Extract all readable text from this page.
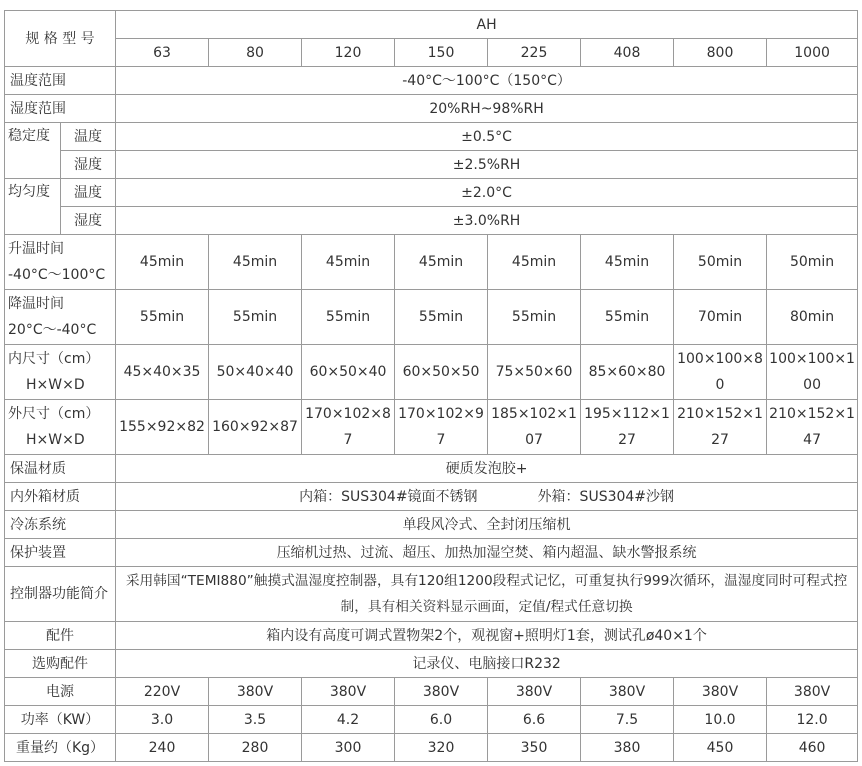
规 格 型 号		AH							
		63	80	120	150	225	408	800	1000
温度范围		-40°C～100°C（150°C）							
湿度范围		20%RH~98%RH							
稳定度	温度	±0.5°C							
	湿度	±2.5%RH							
均匀度	温度	±2.0°C							
	湿度	±3.0%RH							
升温时间
-40°C～100°C		45min	45min	45min	45min	45min	45min	50min	50min
降温时间
20°C～-40°C		55min	55min	55min	55min	55min	55min	70min	80min
内尺寸（cm）
H×W×D		45×40×35	50×40×40	60×50×40	60×50×50	75×50×60	85×60×80	100×100×80	100×100×100
外尺寸（cm）
H×W×D		155×92×82	160×92×87	170×102×87	170×102×97	185×102×107	195×112×127	210×152×127	210×152×147
保温材质		硬质发泡胶+							
内外箱材质		内箱：SUS304#镜面不锈钢 外箱：SUS304#沙钢							
冷冻系统		单段风冷式、全封闭压缩机							
保护装置		压缩机过热、过流、超压、加热加湿空焚、箱内超温、缺水警报系统							
控制器功能简介		采用韩国“TEMI880”触摸式温湿度控制器，具有120组1200段程式记忆，可重复执行999次循环，温湿度同时可程式控制，具有相关资料显示画面，定值/程式任意切换							
配件		箱内设有高度可调式置物架2个，观视窗+照明灯1套，测试孔ø40×1个							
选购配件		记录仪、电脑接口R232							
电源		220V	380V	380V	380V	380V	380V	380V	380V
功率（KW）		3.0	3.5	4.2	6.0	6.6	7.5	10.0	12.0
重量约（Kg）		240	280	300	320	350	380	450	460
